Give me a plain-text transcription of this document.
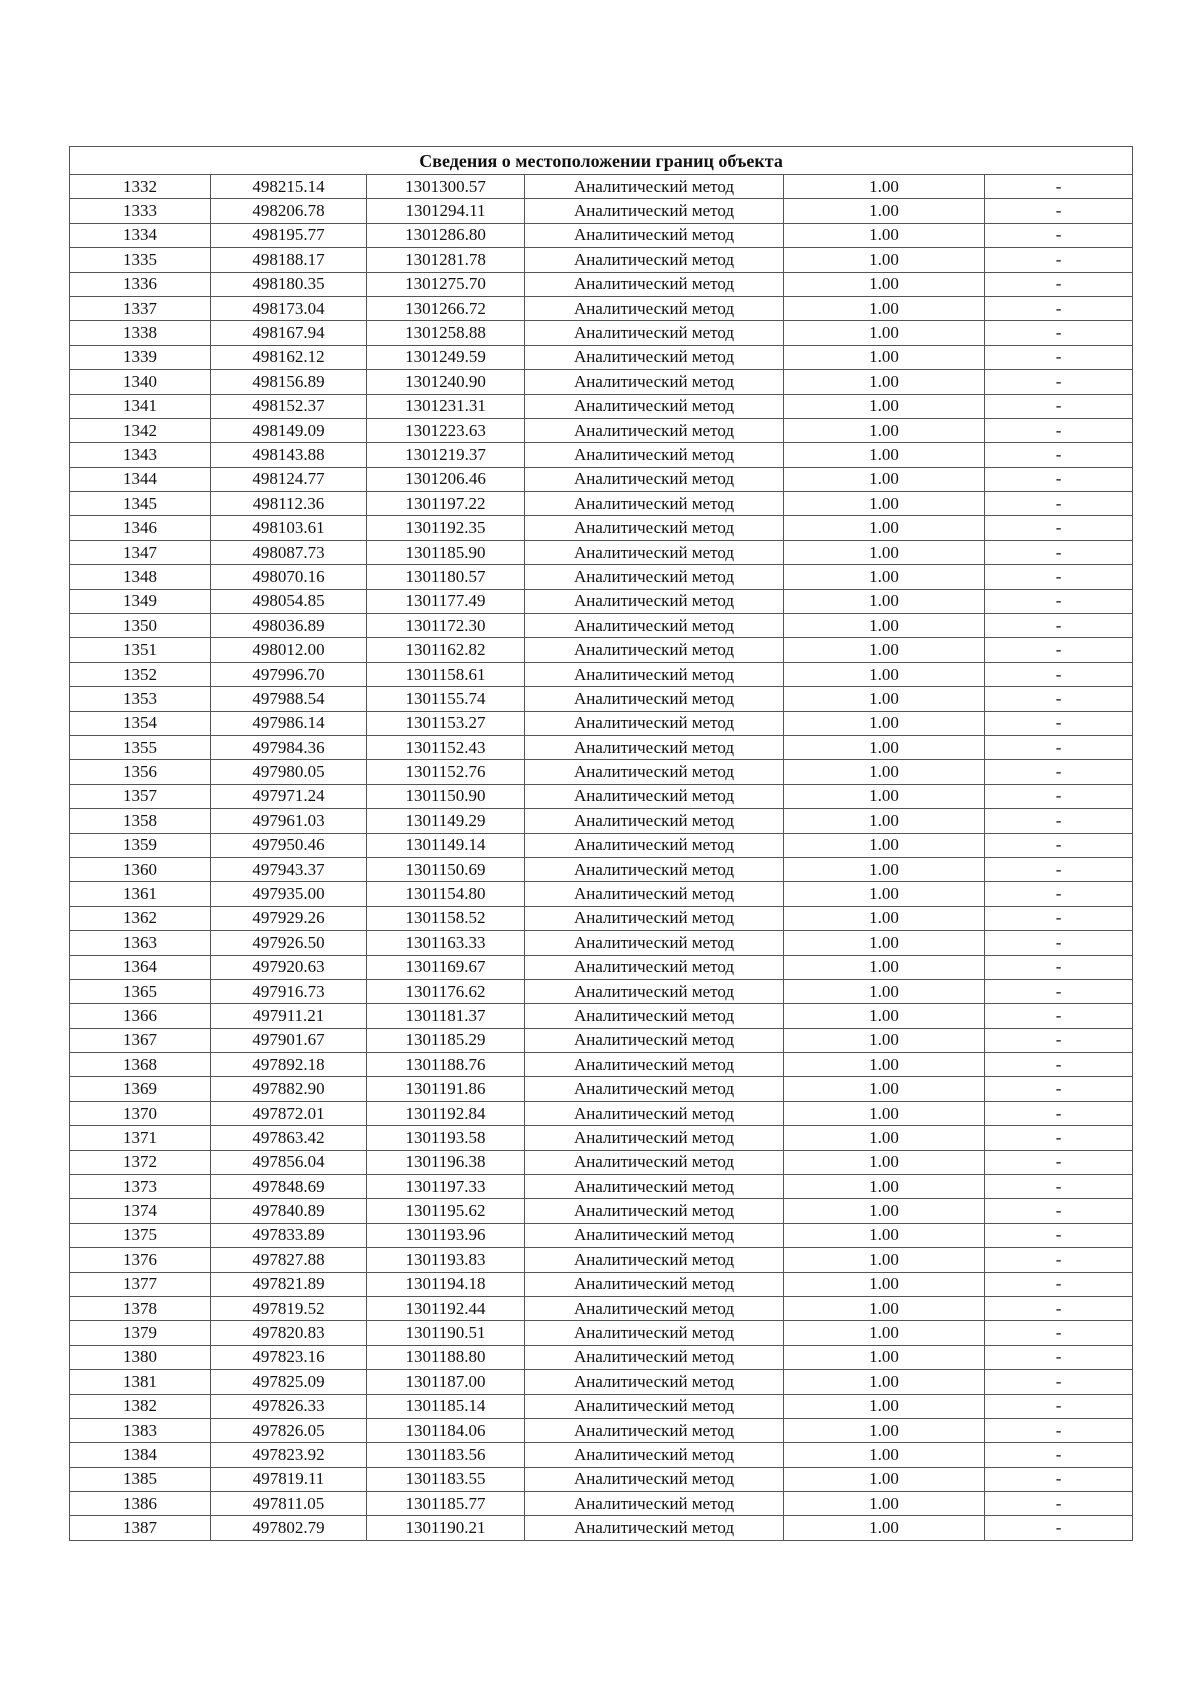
Сведения о местоположении границ объекта					
1332	498215.14	1301300.57	Аналитический метод	1.00	-
1333	498206.78	1301294.11	Аналитический метод	1.00	-
1334	498195.77	1301286.80	Аналитический метод	1.00	-
1335	498188.17	1301281.78	Аналитический метод	1.00	-
1336	498180.35	1301275.70	Аналитический метод	1.00	-
1337	498173.04	1301266.72	Аналитический метод	1.00	-
1338	498167.94	1301258.88	Аналитический метод	1.00	-
1339	498162.12	1301249.59	Аналитический метод	1.00	-
1340	498156.89	1301240.90	Аналитический метод	1.00	-
1341	498152.37	1301231.31	Аналитический метод	1.00	-
1342	498149.09	1301223.63	Аналитический метод	1.00	-
1343	498143.88	1301219.37	Аналитический метод	1.00	-
1344	498124.77	1301206.46	Аналитический метод	1.00	-
1345	498112.36	1301197.22	Аналитический метод	1.00	-
1346	498103.61	1301192.35	Аналитический метод	1.00	-
1347	498087.73	1301185.90	Аналитический метод	1.00	-
1348	498070.16	1301180.57	Аналитический метод	1.00	-
1349	498054.85	1301177.49	Аналитический метод	1.00	-
1350	498036.89	1301172.30	Аналитический метод	1.00	-
1351	498012.00	1301162.82	Аналитический метод	1.00	-
1352	497996.70	1301158.61	Аналитический метод	1.00	-
1353	497988.54	1301155.74	Аналитический метод	1.00	-
1354	497986.14	1301153.27	Аналитический метод	1.00	-
1355	497984.36	1301152.43	Аналитический метод	1.00	-
1356	497980.05	1301152.76	Аналитический метод	1.00	-
1357	497971.24	1301150.90	Аналитический метод	1.00	-
1358	497961.03	1301149.29	Аналитический метод	1.00	-
1359	497950.46	1301149.14	Аналитический метод	1.00	-
1360	497943.37	1301150.69	Аналитический метод	1.00	-
1361	497935.00	1301154.80	Аналитический метод	1.00	-
1362	497929.26	1301158.52	Аналитический метод	1.00	-
1363	497926.50	1301163.33	Аналитический метод	1.00	-
1364	497920.63	1301169.67	Аналитический метод	1.00	-
1365	497916.73	1301176.62	Аналитический метод	1.00	-
1366	497911.21	1301181.37	Аналитический метод	1.00	-
1367	497901.67	1301185.29	Аналитический метод	1.00	-
1368	497892.18	1301188.76	Аналитический метод	1.00	-
1369	497882.90	1301191.86	Аналитический метод	1.00	-
1370	497872.01	1301192.84	Аналитический метод	1.00	-
1371	497863.42	1301193.58	Аналитический метод	1.00	-
1372	497856.04	1301196.38	Аналитический метод	1.00	-
1373	497848.69	1301197.33	Аналитический метод	1.00	-
1374	497840.89	1301195.62	Аналитический метод	1.00	-
1375	497833.89	1301193.96	Аналитический метод	1.00	-
1376	497827.88	1301193.83	Аналитический метод	1.00	-
1377	497821.89	1301194.18	Аналитический метод	1.00	-
1378	497819.52	1301192.44	Аналитический метод	1.00	-
1379	497820.83	1301190.51	Аналитический метод	1.00	-
1380	497823.16	1301188.80	Аналитический метод	1.00	-
1381	497825.09	1301187.00	Аналитический метод	1.00	-
1382	497826.33	1301185.14	Аналитический метод	1.00	-
1383	497826.05	1301184.06	Аналитический метод	1.00	-
1384	497823.92	1301183.56	Аналитический метод	1.00	-
1385	497819.11	1301183.55	Аналитический метод	1.00	-
1386	497811.05	1301185.77	Аналитический метод	1.00	-
1387	497802.79	1301190.21	Аналитический метод	1.00	-
